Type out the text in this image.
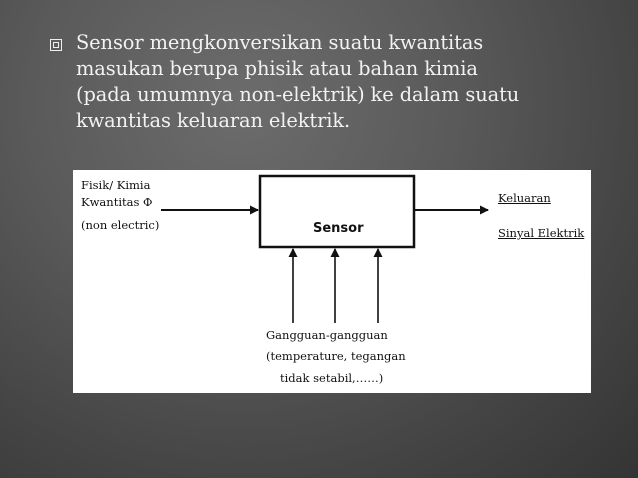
Sensor mengkonversikan suatu kwantitas
masukan berupa phisik atau bahan kimia
(pada umumnya non-elektrik) ke dalam suatu
kwantitas keluaran elektrik.
Fisik/ Kimia
Kwantitas Φ
(non electric)	Sensor
Keluaran
Sinyal Elektrik
Gangguan-gangguan
(temperature, tegangan
tidak setabil,……)
